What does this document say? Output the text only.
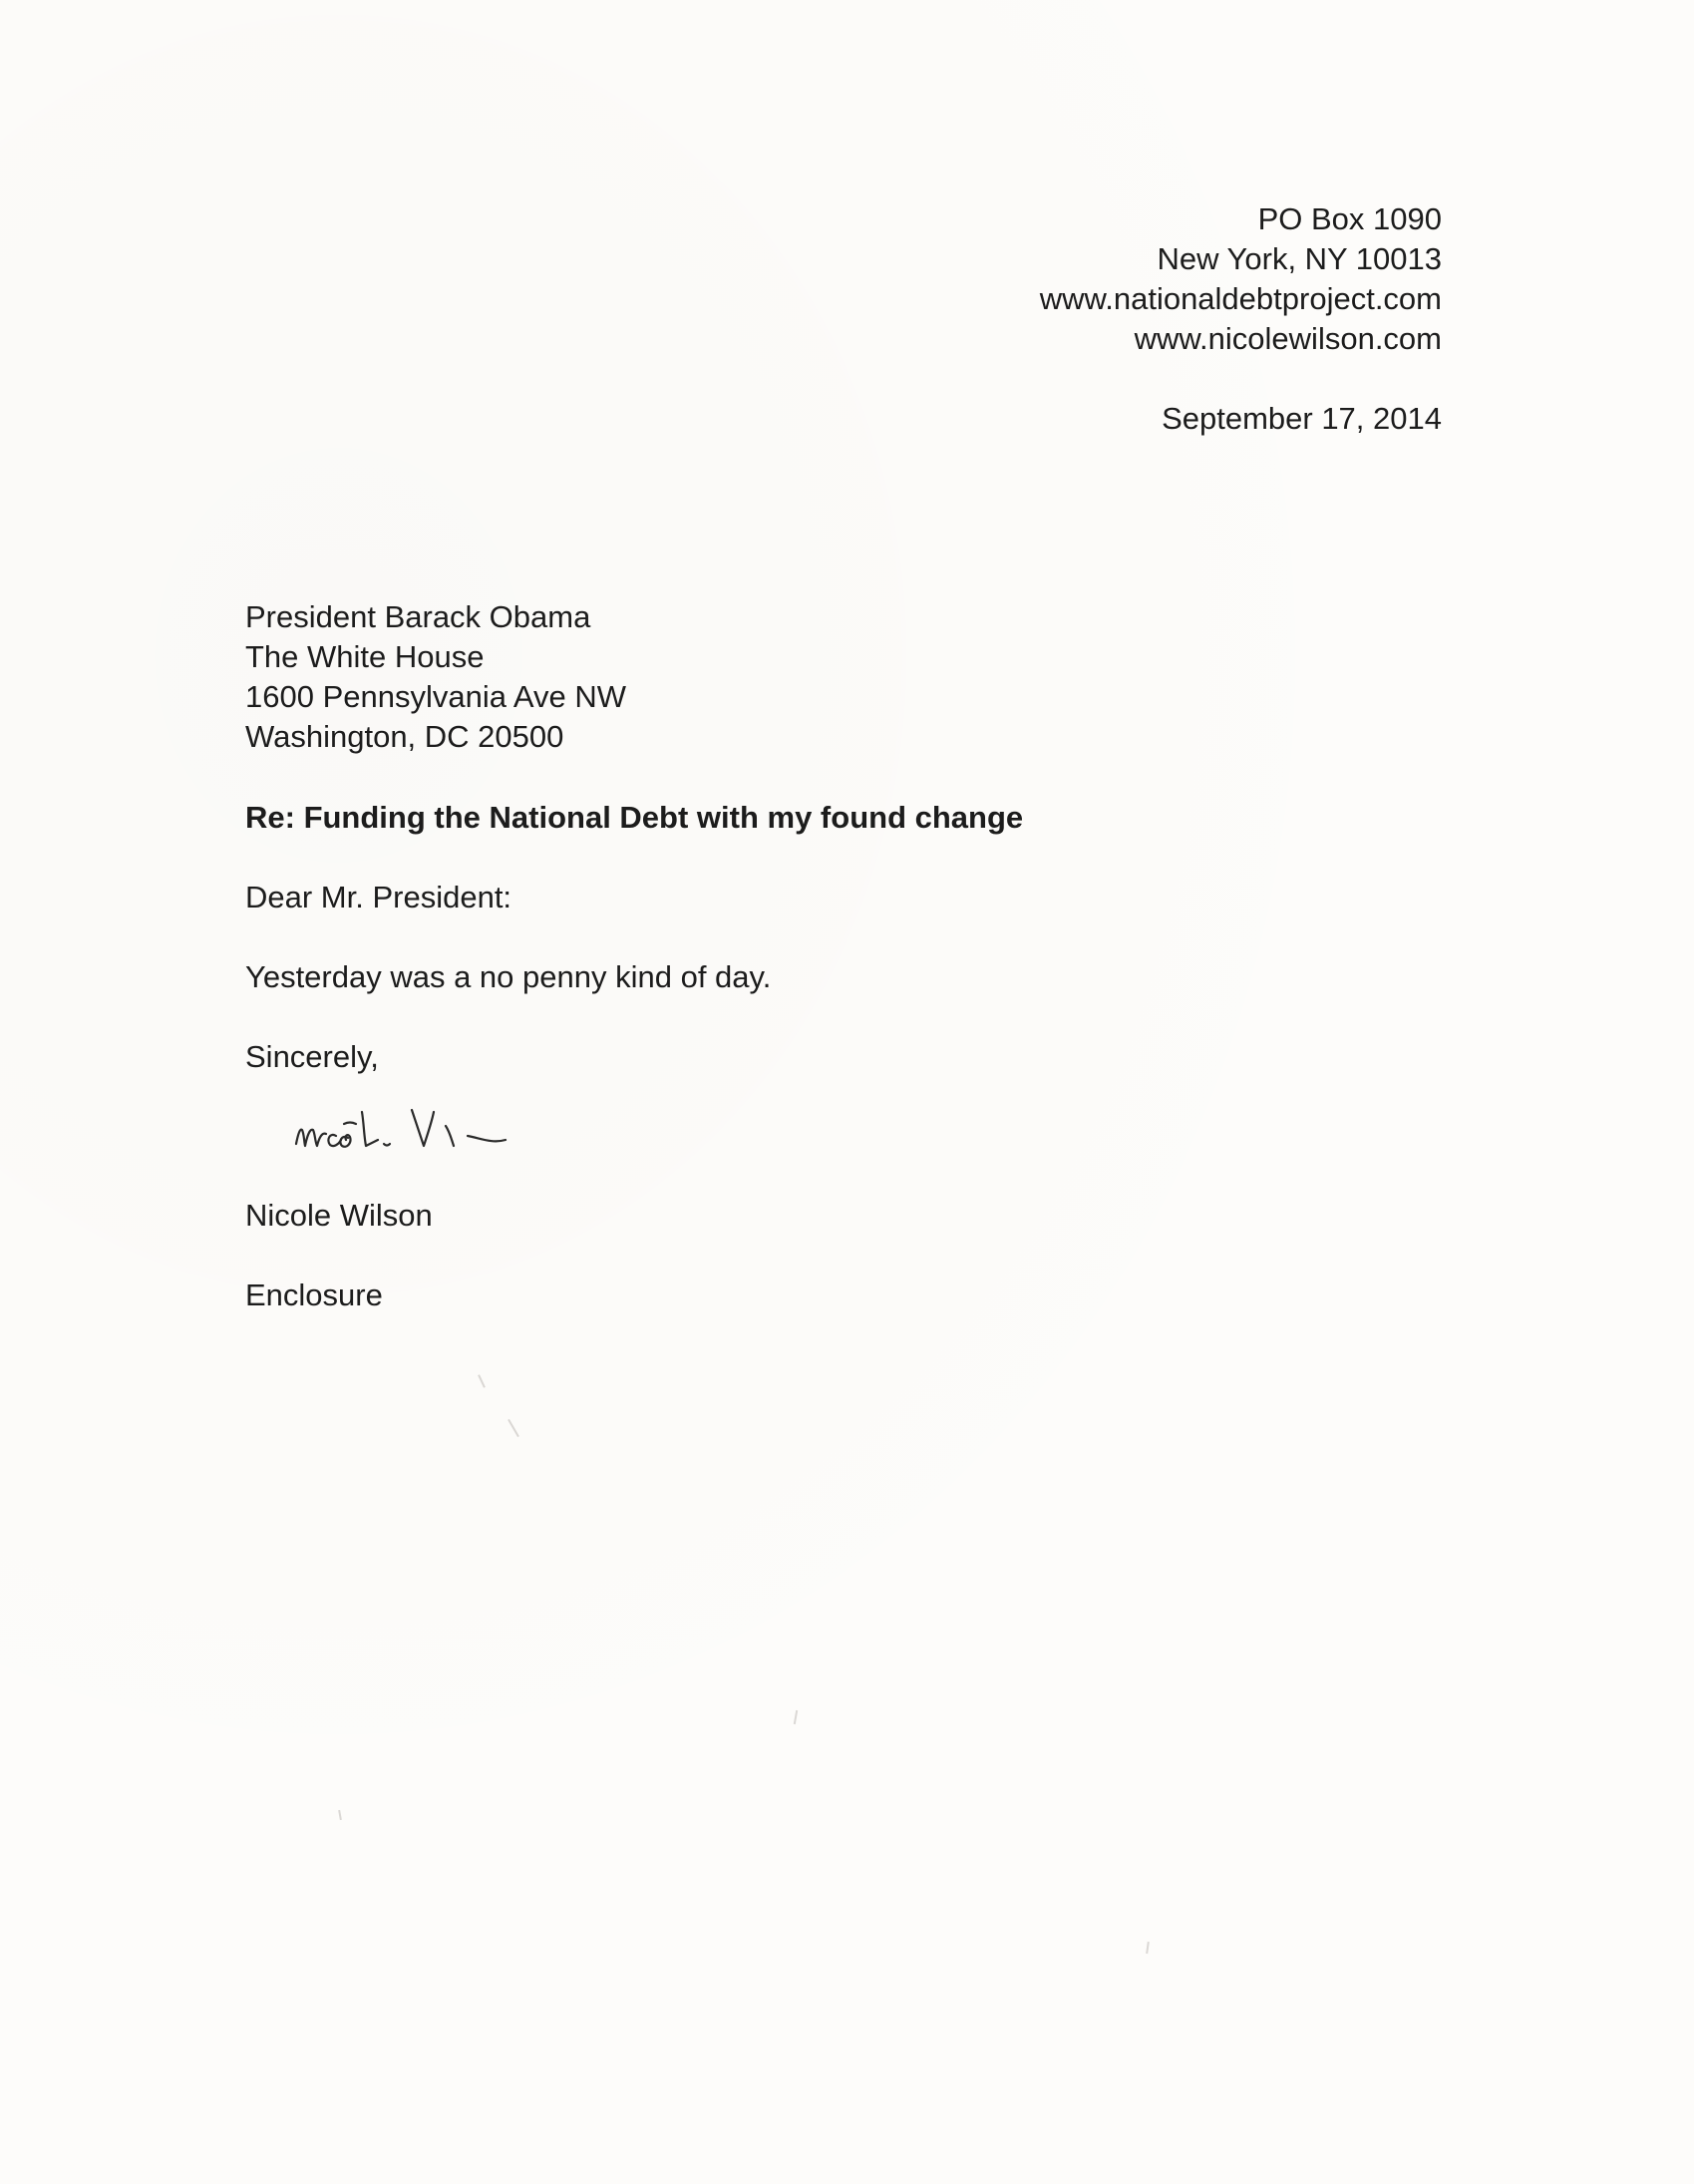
PO Box 1090
New York, NY 10013
www.nationaldebtproject.com
www.nicolewilson.com
September 17, 2014
President Barack Obama
The White House
1600 Pennsylvania Ave NW
Washington, DC 20500
Re: Funding the National Debt with my found change
Dear Mr. President:
Yesterday was a no penny kind of day.
Sincerely,
Nicole Wilson
Enclosure
